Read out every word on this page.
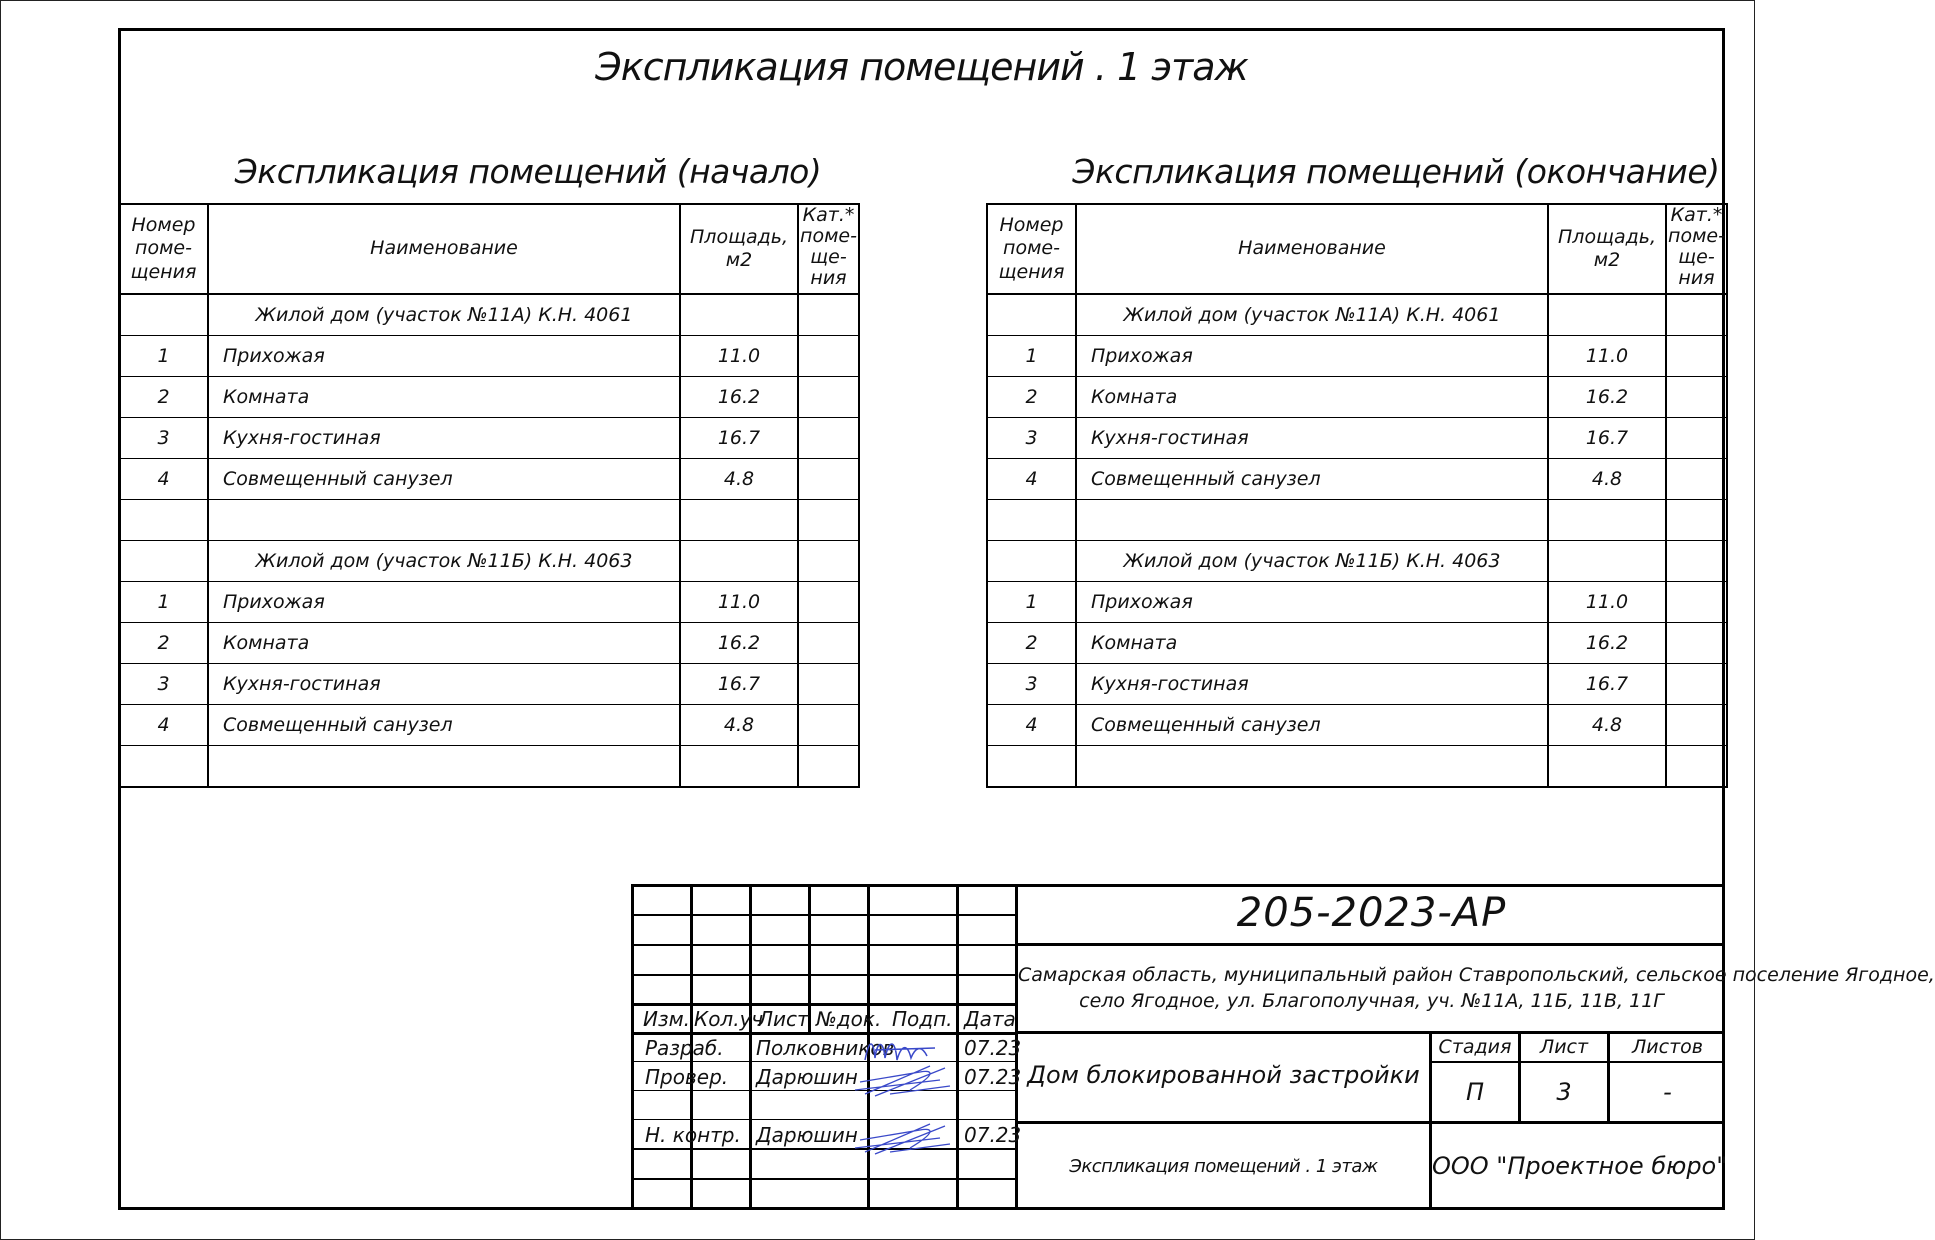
Экспликация помещений . 1 этаж
Экспликация помещений (начало)	Экспликация помещений (окончание)
Номер поме-щения	Наименование	Площадь, м2	Кат.* поме-ще-ния
	Жилой дом (участок №11А) К.Н. 4061		
1	Прихожая	11.0	
2	Комната	16.2	
3	Кухня-гостиная	16.7	
4	Совмещенный санузел	4.8	

	Жилой дом (участок №11Б) К.Н. 4063		
1	Прихожая	11.0	
2	Комната	16.2	
3	Кухня-гостиная	16.7	
4	Совмещенный санузел	4.8	

Номер поме-щения	Наименование	Площадь, м2	Кат.* поме-ще-ния
	Жилой дом (участок №11А) К.Н. 4061		
1	Прихожая	11.0	
2	Комната	16.2	
3	Кухня-гостиная	16.7	
4	Совмещенный санузел	4.8	

	Жилой дом (участок №11Б) К.Н. 4063		
1	Прихожая	11.0	
2	Комната	16.2	
3	Кухня-гостиная	16.7	
4	Совмещенный санузел	4.8	

Изм. Кол.уч
Лист №док. Подп. Дата
Разраб. Полковников	07.23
Провер. Дарюшин	07.23
Н. контр. Дарюшин	07.23
205-2023-АР
Самарская область, муниципальный район Ставропольский, сельское поселение Ягодное,
село Ягодное, ул. Благополучная, уч. №11А, 11Б, 11В, 11Г
Дом блокированной застройки
Стадия	Лист	Листов
П	3	-
Экспликация помещений . 1 этаж	ООО "Проектное бюро"
